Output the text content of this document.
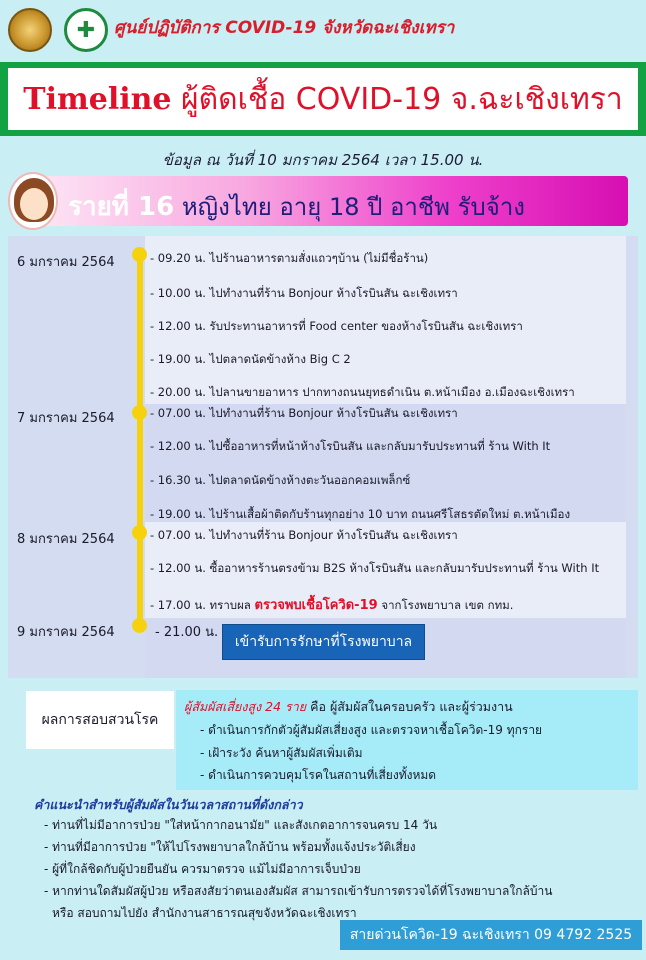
✚	ศูนย์ปฏิบัติการ COVID-19 จังหวัดฉะเชิงเทรา
Timeline ผู้ติดเชื้อ COVID-19 จ.ฉะเชิงเทรา
ข้อมูล ณ วันที่ 10 มกราคม 2564 เวลา 15.00 น.
รายที่ 16 หญิงไทย อายุ 18 ปี อาชีพ รับจ้าง
6 มกราคม 2564	- 09.20 น. ไปร้านอาหารตามสั่งแถวๆบ้าน (ไม่มีชื่อร้าน)
- 10.00 น. ไปทำงานที่ร้าน Bonjour ห้างโรบินสัน ฉะเชิงเทรา
- 12.00 น. รับประทานอาหารที่ Food center ของห้างโรบินสัน ฉะเชิงเทรา
- 19.00 น. ไปตลาดนัดข้างห้าง Big C 2
- 20.00 น. ไปลานขายอาหาร ปากทางถนนยุทธดำเนิน ต.หน้าเมือง อ.เมืองฉะเชิงเทรา
7 มกราคม 2564	- 07.00 น. ไปทำงานที่ร้าน Bonjour ห้างโรบินสัน ฉะเชิงเทรา
- 12.00 น. ไปซื้ออาหารที่หน้าห้างโรบินสัน และกลับมารับประทานที่ ร้าน With It
- 16.30 น. ไปตลาดนัดข้างห้างตะวันออกคอมเพล็กซ์
- 19.00 น. ไปร้านเสื้อผ้าติดกับร้านทุกอย่าง 10 บาท ถนนศรีโสธรตัดใหม่ ต.หน้าเมือง
8 มกราคม 2564	- 07.00 น. ไปทำงานที่ร้าน Bonjour ห้างโรบินสัน ฉะเชิงเทรา
- 12.00 น. ซื้ออาหารร้านตรงข้าม B2S ห้างโรบินสัน และกลับมารับประทานที่ ร้าน With It
- 17.00 น. ทราบผล ตรวจพบเชื้อโควิด-19 จากโรงพยาบาล เขต กทม.
9 มกราคม 2564	- 21.00 น.
เข้ารับการรักษาที่โรงพยาบาล
ผลการสอบสวนโรค
ผู้สัมผัสเสี่ยงสูง 24 ราย คือ ผู้สัมผัสในครอบครัว และผู้ร่วมงาน
- ดำเนินการกักตัวผู้สัมผัสเสี่ยงสูง และตรวจหาเชื้อโควิด-19 ทุกราย
- เฝ้าระวัง ค้นหาผู้สัมผัสเพิ่มเติม
- ดำเนินการควบคุมโรคในสถานที่เสี่ยงทั้งหมด
คำแนะนำสำหรับผู้สัมผัสในวันเวลาสถานที่ดังกล่าว
- ท่านที่ไม่มีอาการป่วย "ใส่หน้ากากอนามัย" และสังเกตอาการจนครบ 14 วัน
- ท่านที่มีอาการป่วย "ให้ไปโรงพยาบาลใกล้บ้าน พร้อมทั้งแจ้งประวัติเสี่ยง
- ผู้ที่ใกล้ชิดกับผู้ป่วยยืนยัน ควรมาตรวจ แม้ไม่มีอาการเจ็บป่วย
- หากท่านใดสัมผัสผู้ป่วย หรือสงสัยว่าตนเองสัมผัส สามารถเข้ารับการตรวจได้ที่โรงพยาบาลใกล้บ้าน
หรือ สอบถามไปยัง สำนักงานสาธารณสุขจังหวัดฉะเชิงเทรา
สายด่วนโควิด-19 ฉะเชิงเทรา 09 4792 2525
